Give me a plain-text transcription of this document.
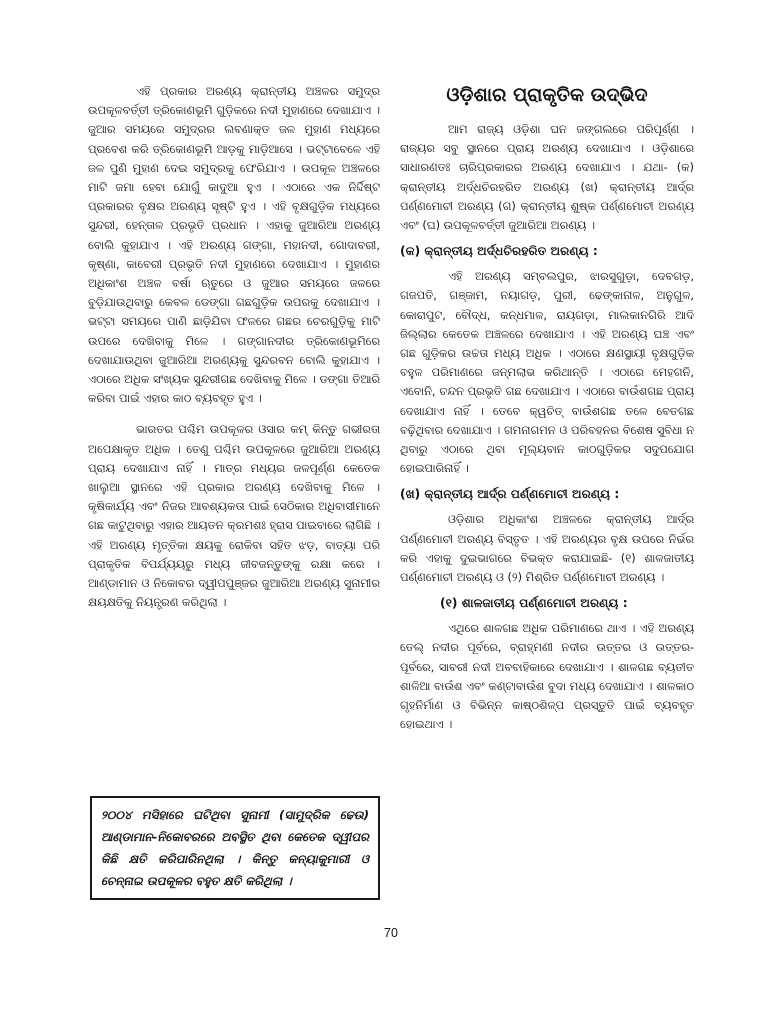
ଏହି ପ୍ରକାର ଅରଣ୍ୟ କ୍ରାନ୍ତୀୟ ଅଞ୍ଚଳର ସମୁଦ୍ର ଉପକୂଳବର୍ତ୍ତୀ ତ୍ରିକୋଣଭୂମି ଗୁଡ଼ିକରେ ନଦୀ ମୁହାଣରେ ଦେଖାଯାଏ । ଜୁଆର ସମୟରେ ସମୁଦ୍ରର ଲବଣାକ୍ତ ଜଳ ମୁହାଣ ମଧ୍ୟରେ ପ୍ରବେଶ କରି ତ୍ରିକୋଣଭୂମି ଆଡ଼କୁ ମାଡ଼ିଆସେ । ଭଟ୍ଟାବେଳେ ଏହି ଜଳ ପୁଣି ମୁହାଣ ଦେଇ ସମୁଦ୍ରକୁ ଫେରିଯାଏ । ଉପକୂଳ ଅଞ୍ଚଳରେ ମାଟି ଜମା ହେବା ଯୋଗୁଁ କାଦୁଆ ହୁଏ । ଏଠାରେ ଏକ ନିର୍ଦ୍ଦିଷ୍ଟ ପ୍ରକାରର ବୃକ୍ଷର ଅରଣ୍ୟ ସୃଷ୍ଟି ହୁଏ । ଏହି ବୃକ୍ଷଗୁଡ଼ିକ ମଧ୍ୟରେ ସୁନ୍ଦରୀ, ହେନ୍ତାଳ ପ୍ରଭୃତି ପ୍ରଧାନ । ଏହାକୁ ଜୁଆରିଆ ଅରଣ୍ୟ ବୋଲି କୁହାଯାଏ । ଏହି ଅରଣ୍ୟ ଗଙ୍ଗା, ମହାନଦୀ, ଗୋଦାବରୀ, କୃଷ୍ଣା, କାବେରୀ ପ୍ରଭୃତି ନଦୀ ମୁହାଣରେ ଦେଖାଯାଏ । ମୁହାଣର ଅଧିକାଂଶ ଅଞ୍ଚଳ ବର୍ଷା ଋତୁରେ ଓ ଜୁଆର ସମୟରେ ଜଳରେ ବୁଡ଼ିଯାଉଥିବାରୁ କେବଳ ଡେଙ୍ଗା ଗଛଗୁଡ଼ିକ ଉପରକୁ ଦେଖାଯାଏ । ଭଟ୍ଟା ସମୟରେ ପାଣି ଛାଡ଼ିଯିବା ଫଳରେ ଗଛର ଚେରଗୁଡ଼ିକୁ ମାଟି ଉପରେ ଦେଖିବାକୁ ମିଳେ । ଗଙ୍ଗାନଦୀର ତ୍ରିକୋଣଭୂମିରେ ଦେଖାଯାଉଥିବା ଜୁଆରିଆ ଅରଣ୍ୟକୁ ସୁନ୍ଦରବନ ବୋଲି କୁହାଯାଏ । ଏଠାରେ ଅଧିକ ସଂଖ୍ୟକ ସୁନ୍ଦରୀଗଛ ଦେଖିବାକୁ ମିଳେ । ଡଙ୍ଗା ତିଆରି କରିବା ପାଇଁ ଏହାର କାଠ ବ୍ୟବହୃତ ହୁଏ ।

ଭାରତର ପଶ୍ଚିମ ଉପକୂଳର ଓସାର କମ୍ କିନ୍ତୁ ଗଭୀରତା ଅପେକ୍ଷାକୃତ ଅଧିକ । ତେଣୁ ପଶ୍ଚିମ ଉପକୂଳରେ ଜୁଆରିଆ ଅରଣ୍ୟ ପ୍ରାୟ ଦେଖାଯାଏ ନାହିଁ । ମାତ୍ର ମଧ୍ୟର ଜଳପୂର୍ଣ୍ଣ କେତେକ ଖାଲୁଆ ସ୍ଥାନରେ ଏହି ପ୍ରକାର ଅରଣ୍ୟ ଦେଖିବାକୁ ମିଳେ । କୃଷିକାର୍ଯ୍ୟ ଏବଂ ନିଜର ଆବଶ୍ୟକତା ପାଇଁ ସେଠିକାର ଅଧିବାସୀମାନେ ଗଛ କାଟୁଥିବାରୁ ଏହାର ଆୟତନ କ୍ରମଶଃ ହ୍ରାସ ପାଇବାରେ ଲାଗିଛି । ଏହି ଅରଣ୍ୟ ମୃତ୍ତିକା କ୍ଷୟକୁ ରୋକିବା ସହିତ ଝଡ଼, ବାତ୍ୟା ପରି ପ୍ରାକୃତିକ ବିପର୍ଯ୍ୟୟରୁ ମଧ୍ୟ ଜୀବଜନ୍ତୁଙ୍କୁ ରକ୍ଷା କରେ । ଆଣ୍ଡାମାନ ଓ ନିକୋବର ଦ୍ୱୀପପୁଞ୍ଜର ଜୁଆରିଆ ଅରଣ୍ୟ ସୁନାମୀର କ୍ଷୟକ୍ଷତିକୁ ନିୟନ୍ତ୍ରଣ କରିଥିଲା ।

୨୦୦୪ ମସିହାରେ ଘଟିଥିବା ସୁନାମୀ (ସାମୁଦ୍ରିକ ଢେଉ) ଆଣ୍ଡାମାନ-ନିକୋବରରେ ଅବସ୍ଥିତ ଥିବା କେତେକ ଦ୍ୱୀପର କିଛି କ୍ଷତି କରିପାରିନଥିଲା । କିନ୍ତୁ କନ୍ୟାକୁମାରୀ ଓ ଚେନ୍ନାଇ ଉପକୂଳର ବହୁତ କ୍ଷତି କରିଥିଲା ।

ଓଡ଼ିଶାର ପ୍ରାକୃତିକ ଉଦ୍ଭିଦ

ଆମ ରାଜ୍ୟ ଓଡ଼ିଶା ଘନ ଜଙ୍ଗଲରେ ପରିପୂର୍ଣ୍ଣ । ରାଜ୍ୟର ସବୁ ସ୍ଥାନରେ ପ୍ରାୟ ଅରଣ୍ୟ ଦେଖାଯାଏ । ଓଡ଼ିଶାରେ ସାଧାରଣତଃ ଚାରିପ୍ରକାରର ଅରଣ୍ୟ ଦେଖାଯାଏ । ଯଥା- (କ) କ୍ରାନ୍ତୀୟ ଅର୍ଦ୍ଧଚିରହରିତ ଅରଣ୍ୟ (ଖ) କ୍ରାନ୍ତୀୟ ଆର୍ଦ୍ର ପର୍ଣ୍ଣମୋଚୀ ଅରଣ୍ୟ (ଗ) କ୍ରାନ୍ତୀୟ ଶୁଷ୍କ ପର୍ଣ୍ଣମୋଚୀ ଅରଣ୍ୟ ଏବଂ (ଘ) ଉପକୂଳବର୍ତ୍ତୀ ଜୁଆରିଆ ଅରଣ୍ୟ ।

(କ) କ୍ରାନ୍ତୀୟ ଅର୍ଦ୍ଧଚିରହରିତ ଅରଣ୍ୟ :

ଏହି ଅରଣ୍ୟ ସମ୍ବଲପୁର, ଝାରସୁଗୁଡ଼ା, ଦେବଗଡ଼, ଗଜପତି, ଗଞ୍ଜାମ, ନୟାଗଡ଼, ପୁରୀ, ଢେଙ୍କାନାଳ, ଅନୁଗୁଳ, କୋରାପୁଟ, ବୌଦ୍ଧ, କନ୍ଧମାଳ, ରାୟଗଡ଼ା, ମାଲକାନଗିରି ଆଦି ଜିଲ୍ଲାର କେତେକ ଅଞ୍ଚଳରେ ଦେଖାଯାଏ । ଏହି ଅରଣ୍ୟ ଘଞ୍ଚ ଏବଂ ଗଛ ଗୁଡ଼ିକର ଉଚ୍ଚତା ମଧ୍ୟ ଅଧିକ । ଏଠାରେ କ୍ଷଣସ୍ଥାୟୀ ବୃକ୍ଷଗୁଡ଼ିକ ବହୁଳ ପରିମାଣରେ ଜନ୍ମଲାଭ କରିଥାନ୍ତି । ଏଠାରେ ମେହଗନି, ଏବୋନି, ଚନ୍ଦନ ପ୍ରଭୃତି ଗଛ ଦେଖାଯାଏ । ଏଠାରେ ବାଉଁଶଗଛ ପ୍ରାୟ ଦେଖାଯାଏ ନାହିଁ । ତେବେ କ୍ୱଚିତ୍ ବାଉଁଶଗଛ ତଳେ ବେତଗଛ ବଢ଼ିଥିବାର ଦେଖାଯାଏ । ଗମନାଗମନ ଓ ପରିବହନର ବିଶେଷ ସୁବିଧା ନ ଥିବାରୁ ଏଠାରେ ଥିବା ମୂଲ୍ୟବାନ କାଠଗୁଡ଼ିକର ସଦୁପଯୋଗ ହୋଇପାରିନାହିଁ ।

(ଖ) କ୍ରାନ୍ତୀୟ ଆର୍ଦ୍ର ପର୍ଣ୍ଣମୋଚୀ ଅରଣ୍ୟ :

ଓଡ଼ିଶାର ଅଧିକାଂଶ ଅଞ୍ଚଳରେ କ୍ରାନ୍ତୀୟ ଆର୍ଦ୍ର ପର୍ଣ୍ଣମୋଚୀ ଅରଣ୍ୟ ବିସ୍ତୃତ । ଏହି ଅରଣ୍ୟର ବୃକ୍ଷ ଉପରେ ନିର୍ଭର କରି ଏହାକୁ ଦୁଇଭାଗରେ ବିଭକ୍ତ କରାଯାଇଛି- (୧) ଶାଳଜାତୀୟ ପର୍ଣ୍ଣମୋଚୀ ଅରଣ୍ୟ ଓ (୨) ମିଶ୍ରିତ ପର୍ଣ୍ଣମୋଚୀ ଅରଣ୍ୟ ।

(୧) ଶାଳଜାତୀୟ ପର୍ଣ୍ଣମୋଚୀ ଅରଣ୍ୟ :

ଏଥିରେ ଶାଳଗଛ ଅଧିକ ପରିମାଣରେ ଥାଏ । ଏହି ଅରଣ୍ୟ ତେଲ୍ ନଦୀର ପୂର୍ବରେ, ବ୍ରାହ୍ମଣୀ ନଦୀର ଉତ୍ତର ଓ ଉତ୍ତର-ପୂର୍ବରେ, ସାବରୀ ନଦୀ ଅବବାହିକାରେ ଦେଖାଯାଏ । ଶାଳଗଛ ବ୍ୟତୀତ ଶାଳିଆ ବାଉଁଶ ଏବଂ କଣ୍ଟାବାଉଁଶ ବୁଦା ମଧ୍ୟ ଦେଖାଯାଏ । ଶାଳକାଠ ଗୃହନିର୍ମାଣ ଓ ବିଭିନ୍ନ କାଷ୍ଠଶିଳ୍ପ ପ୍ରସ୍ତୁତି ପାଇଁ ବ୍ୟବହୃତ ହୋଇଥାଏ ।

70
